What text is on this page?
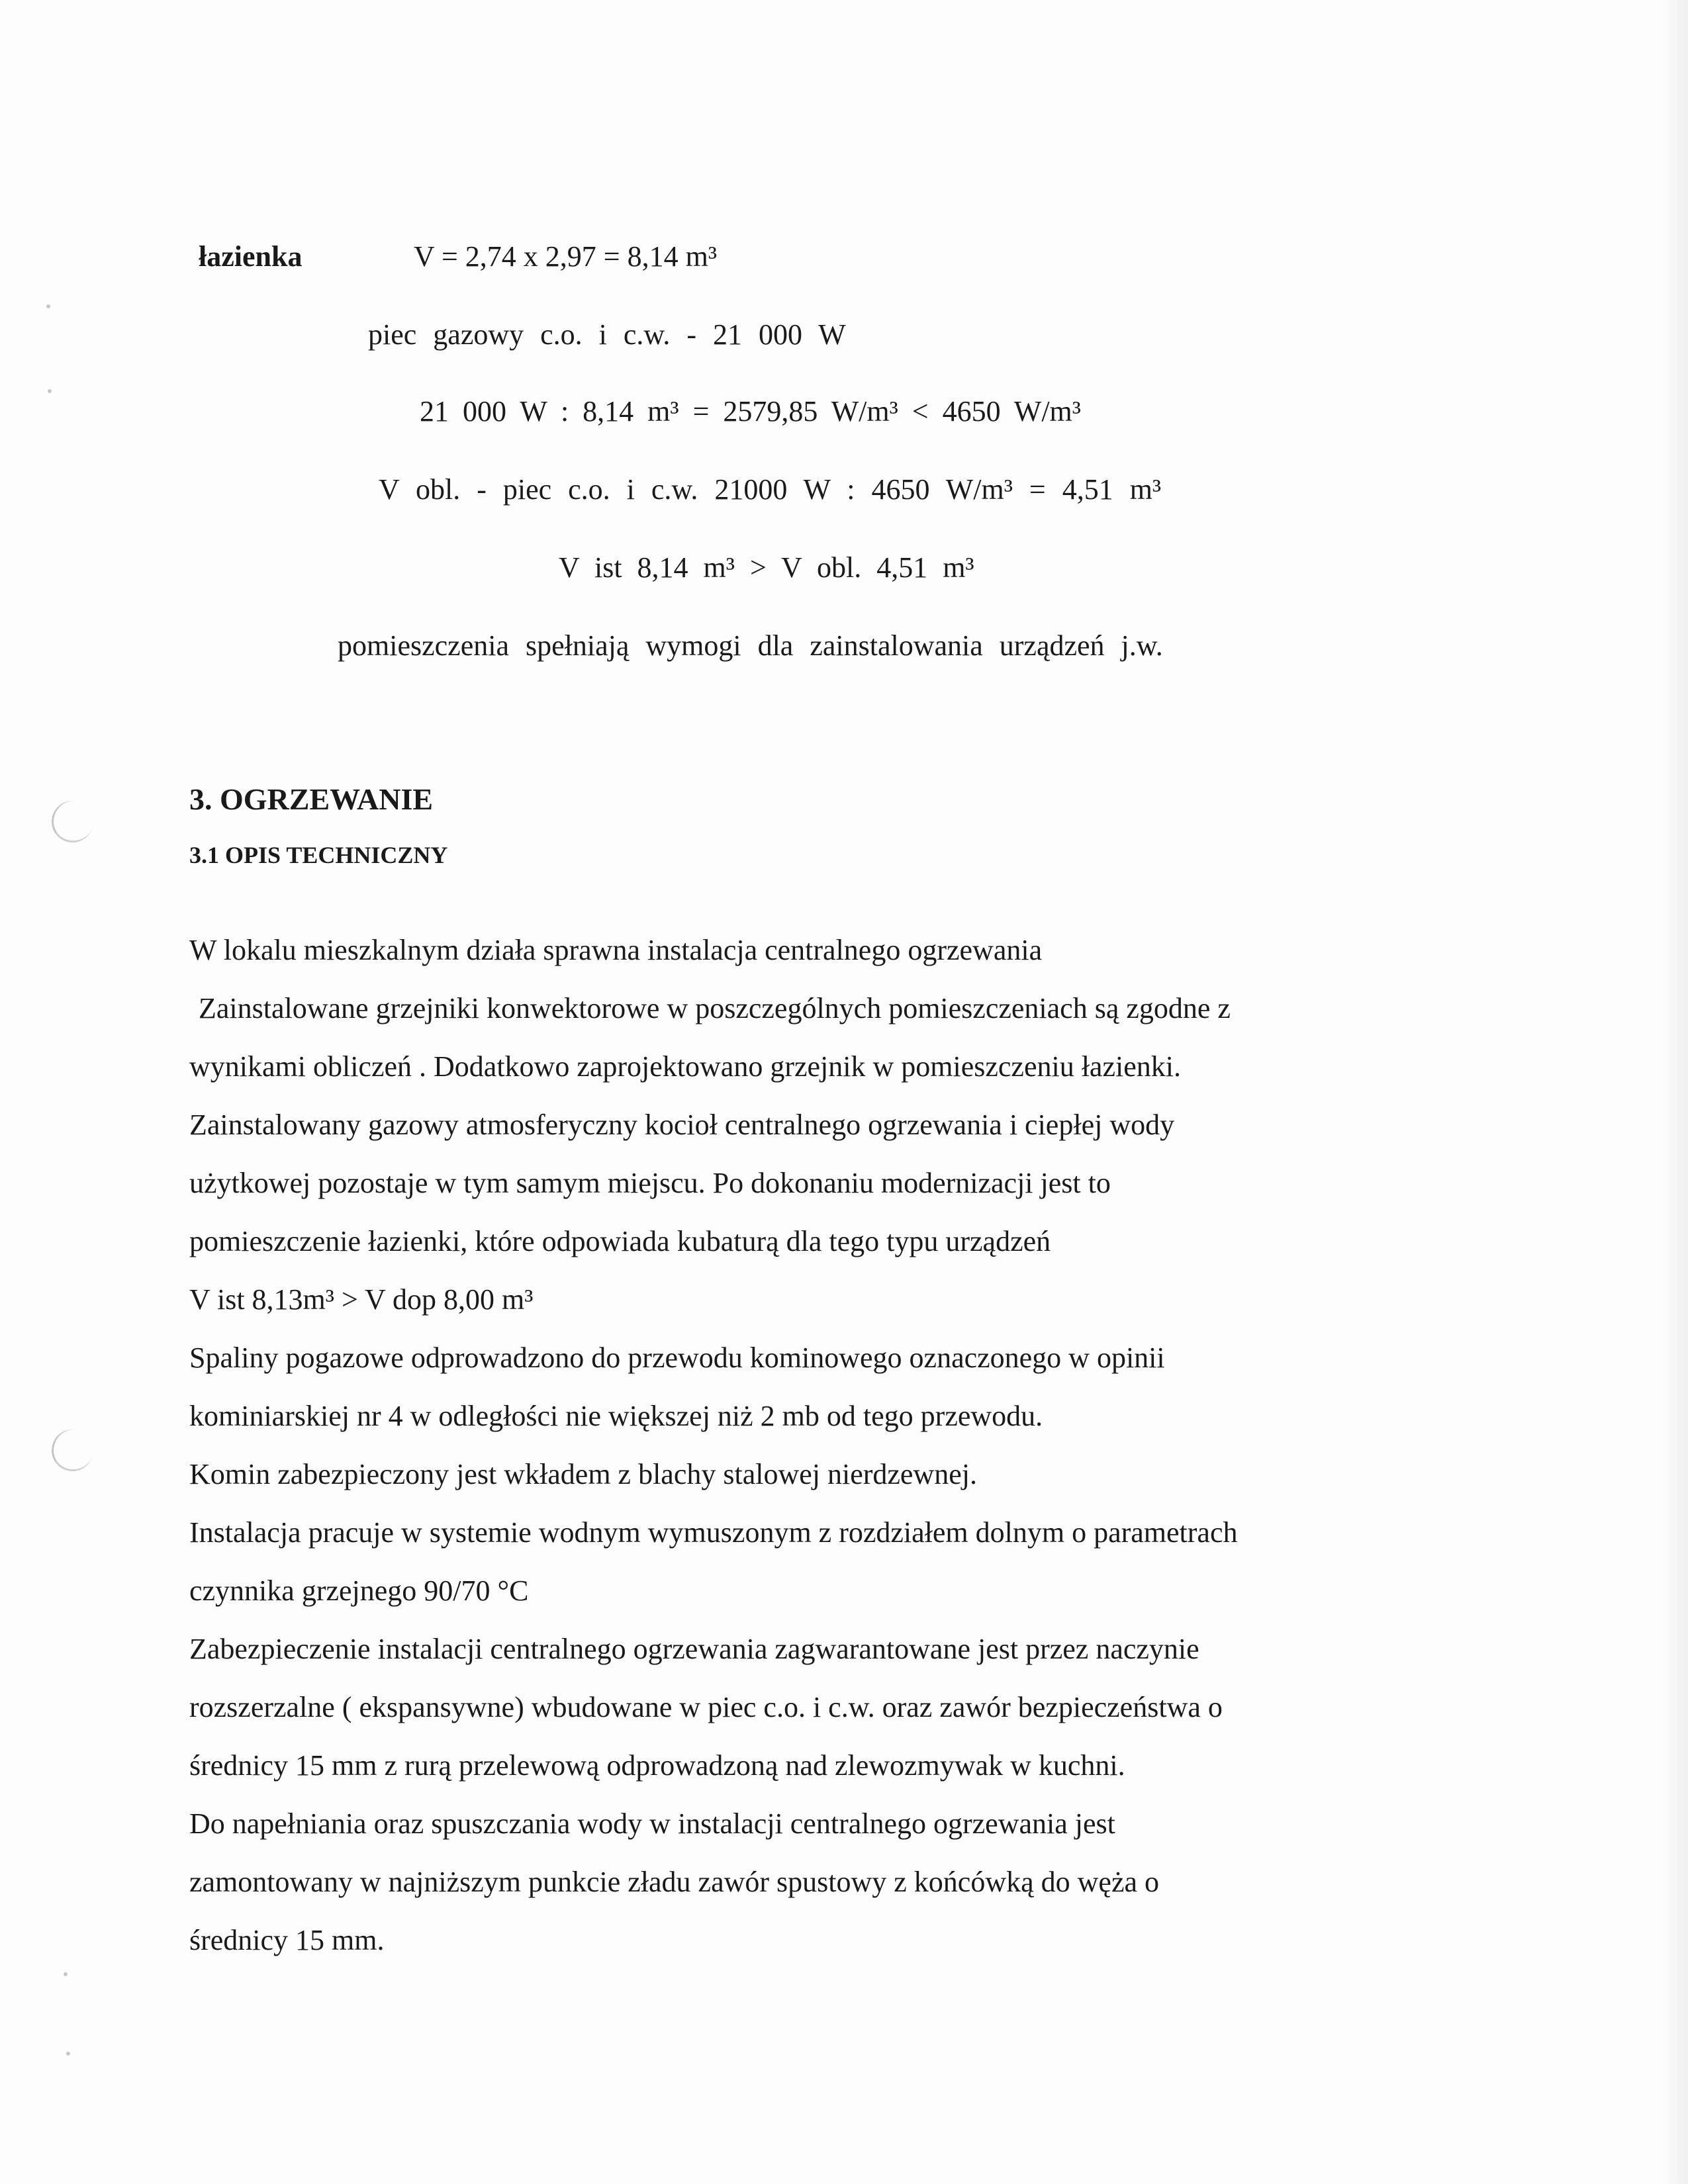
łazienka	V = 2,74 x 2,97 = 8,14 m³
piec gazowy c.o. i c.w. - 21 000 W
21 000 W : 8,14 m³ = 2579,85 W/m³ < 4650 W/m³
V obl. - piec c.o. i c.w. 21000 W : 4650 W/m³ = 4,51 m³
V ist 8,14 m³ > V obl. 4,51 m³
pomieszczenia spełniają wymogi dla zainstalowania urządzeń j.w.
3. OGRZEWANIE
3.1 OPIS TECHNICZNY
W lokalu mieszkalnym działa sprawna instalacja centralnego ogrzewania
Zainstalowane grzejniki konwektorowe w poszczególnych pomieszczeniach są zgodne z
wynikami obliczeń . Dodatkowo zaprojektowano grzejnik w pomieszczeniu łazienki.
Zainstalowany gazowy atmosferyczny kocioł centralnego ogrzewania i ciepłej wody
użytkowej pozostaje w tym samym miejscu. Po dokonaniu modernizacji jest to
pomieszczenie łazienki, które odpowiada kubaturą dla tego typu urządzeń
V ist 8,13m³ > V dop 8,00 m³
Spaliny pogazowe odprowadzono do przewodu kominowego oznaczonego w opinii
kominiarskiej nr 4 w odległości nie większej niż 2 mb od tego przewodu.
Komin zabezpieczony jest wkładem z blachy stalowej nierdzewnej.
Instalacja pracuje w systemie wodnym wymuszonym z rozdziałem dolnym o parametrach
czynnika grzejnego 90/70 °C
Zabezpieczenie instalacji centralnego ogrzewania zagwarantowane jest przez naczynie
rozszerzalne ( ekspansywne) wbudowane w piec c.o. i c.w. oraz zawór bezpieczeństwa o
średnicy 15 mm z rurą przelewową odprowadzoną nad zlewozmywak w kuchni.
Do napełniania oraz spuszczania wody w instalacji centralnego ogrzewania jest
zamontowany w najniższym punkcie zładu zawór spustowy z końcówką do węża o
średnicy 15 mm.
